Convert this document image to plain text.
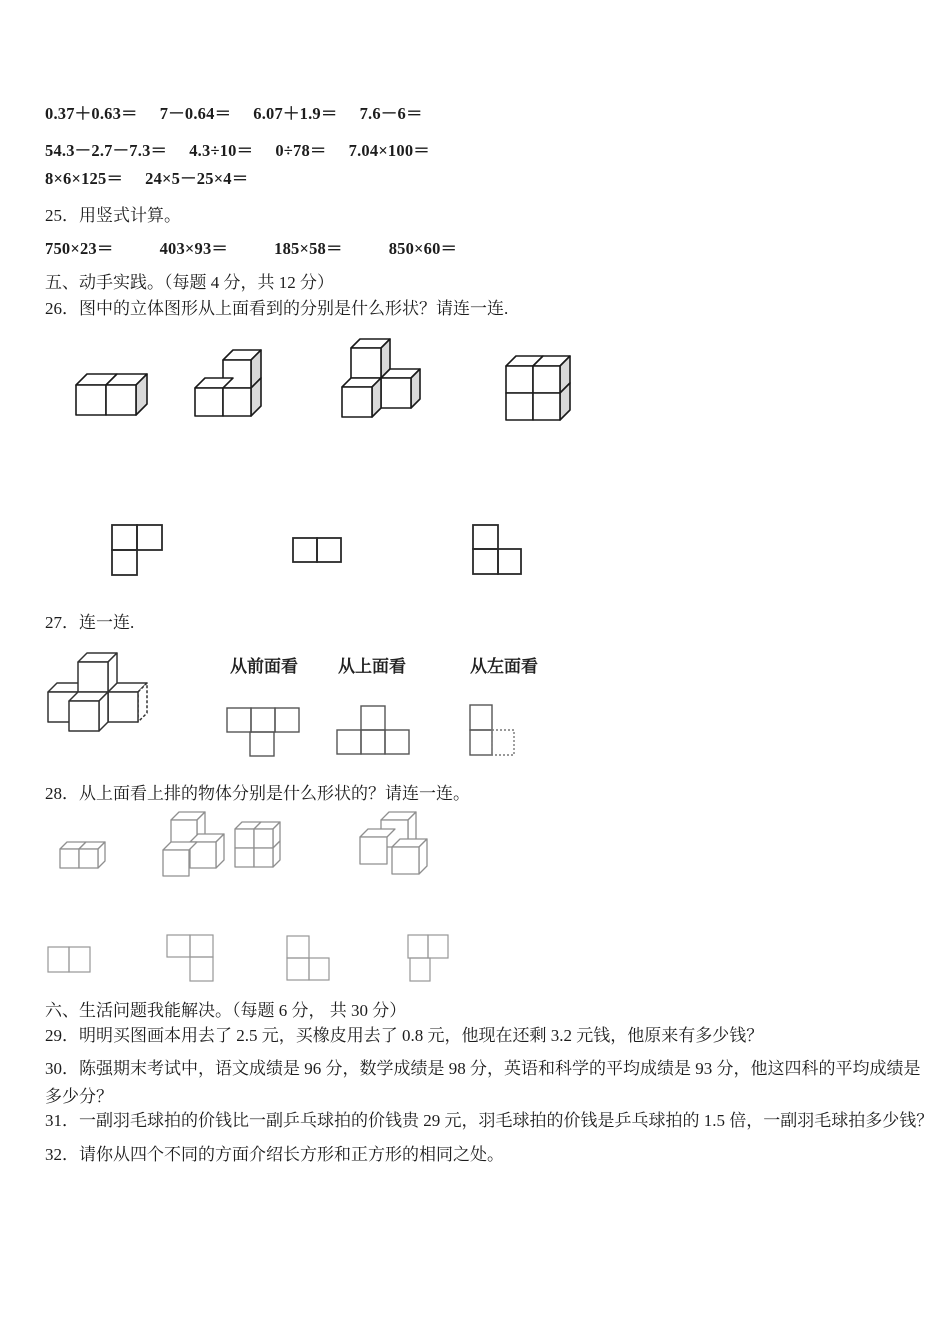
0.37＋0.63＝ 7－0.64＝ 6.07＋1.9＝ 7.6－6＝
54.3－2.7－7.3＝ 4.3÷10＝ 0÷78＝ 7.04×100＝
8×6×125＝ 24×5－25×4＝
25．用竖式计算。
750×23＝	403×93＝	185×58＝	850×60＝
五、动手实践。（每题 4 分，共 12 分）
26．图中的立体图形从上面看到的分别是什么形状？请连一连.
27．连一连.
从前面看 从上面看	从左面看
28．从上面看上排的物体分别是什么形状的？请连一连。
六、生活问题我能解决。（每题 6 分， 共 30 分）
29．明明买图画本用去了 2.5 元，买橡皮用去了 0.8 元，他现在还剩 3.2 元钱，他原来有多少钱？
30．陈强期末考试中，语文成绩是 96 分，数学成绩是 98 分，英语和科学的平均成绩是 93 分，他这四科的平均成绩是
多少分？
31．一副羽毛球拍的价钱比一副乒乓球拍的价钱贵 29 元，羽毛球拍的价钱是乒乓球拍的 1.5 倍，一副羽毛球拍多少钱？
32．请你从四个不同的方面介绍长方形和正方形的相同之处。
